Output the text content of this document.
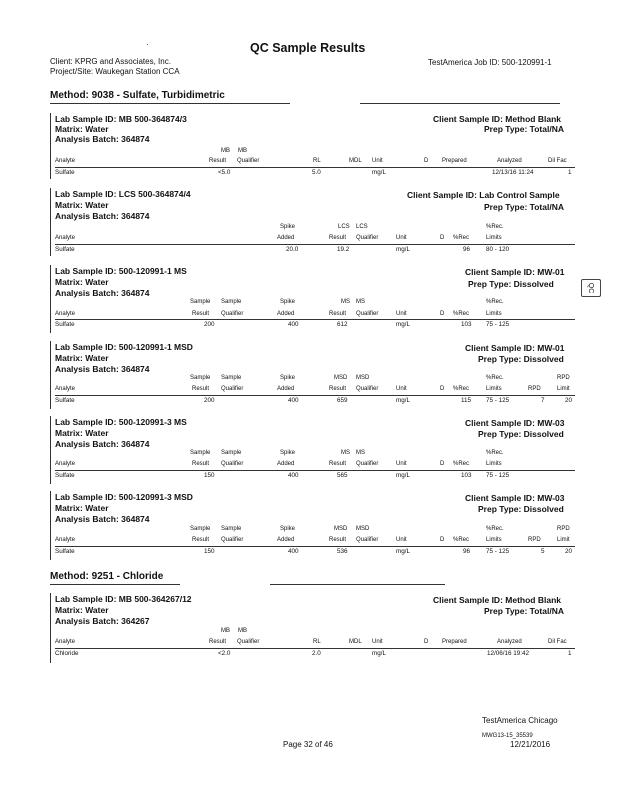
·	QC Sample Results
Client: KPRG and Associates, Inc.
Project/Site: Waukegan Station CCA
TestAmerica Job ID: 500-120991-1
Method: 9038 - Sulfate, Turbidimetric
Lab Sample ID: MB 500-364874/3
Matrix: Water
Analysis Batch: 364874
Client Sample ID: Method Blank
Prep Type: Total/NA
MB MB
Analyte	Result Qualifier	RL	MDL Unit	D Prepared	Analyzed	Dil Fac
Sulfate	<5.0	5.0	mg/L	12/13/16 11:24	1
Lab Sample ID: LCS 500-364874/4
Matrix: Water
Analysis Batch: 364874
Client Sample ID: Lab Control Sample
Prep Type: Total/NA
Spike	LCS LCS	%Rec.
Analyte	Added	Result Qualifier	Unit	D %Rec	Limits
Sulfate	20.0	19.2	mg/L	96	80 - 120
Lab Sample ID: 500-120991-1 MS
Matrix: Water
Analysis Batch: 364874
Client Sample ID: MW-01
Prep Type: Dissolved
Sample Sample	Spike	MS MS	%Rec.
Analyte	Result Qualifier	Added	Result Qualifier	Unit	D %Rec	Limits
Sulfate	200	400	612	mg/L	103 75 - 125
Lab Sample ID: 500-120991-1 MSD
Matrix: Water
Analysis Batch: 364874
Client Sample ID: MW-01
Prep Type: Dissolved
Sample Sample	Spike	MSD MSD	%Rec.	RPD
Analyte	Result Qualifier	Added	Result Qualifier	Unit	D %Rec	Limits	RPD	Limit
Sulfate	200	400	659	mg/L	115 75 - 125	7	20
Lab Sample ID: 500-120991-3 MS
Matrix: Water
Analysis Batch: 364874
Client Sample ID: MW-03
Prep Type: Dissolved
Sample Sample	Spike	MS MS	%Rec.
Analyte	Result Qualifier	Added	Result Qualifier	Unit	D %Rec	Limits
Sulfate	150	400	565	mg/L	103 75 - 125
Lab Sample ID: 500-120991-3 MSD
Matrix: Water
Analysis Batch: 364874
Client Sample ID: MW-03
Prep Type: Dissolved
Sample Sample	Spike	MSD MSD	%Rec.	RPD
Analyte	Result Qualifier	Added	Result Qualifier	Unit	D %Rec	Limits	RPD	Limit
Sulfate	150	400	536	mg/L	96	75 - 125	5	20
Method: 9251 - Chloride
Lab Sample ID: MB 500-364267/12
Matrix: Water
Analysis Batch: 364267
Client Sample ID: Method Blank
Prep Type: Total/NA
MB MB
Analyte	Result Qualifier	RL	MDL Unit	D Prepared	Analyzed	Dil Fac
Chloride	<2.0	2.0	mg/L	12/06/16 19:42	1
QC
TestAmerica Chicago
Page 32 of 46
MWG13-15_35539
12/21/2016
